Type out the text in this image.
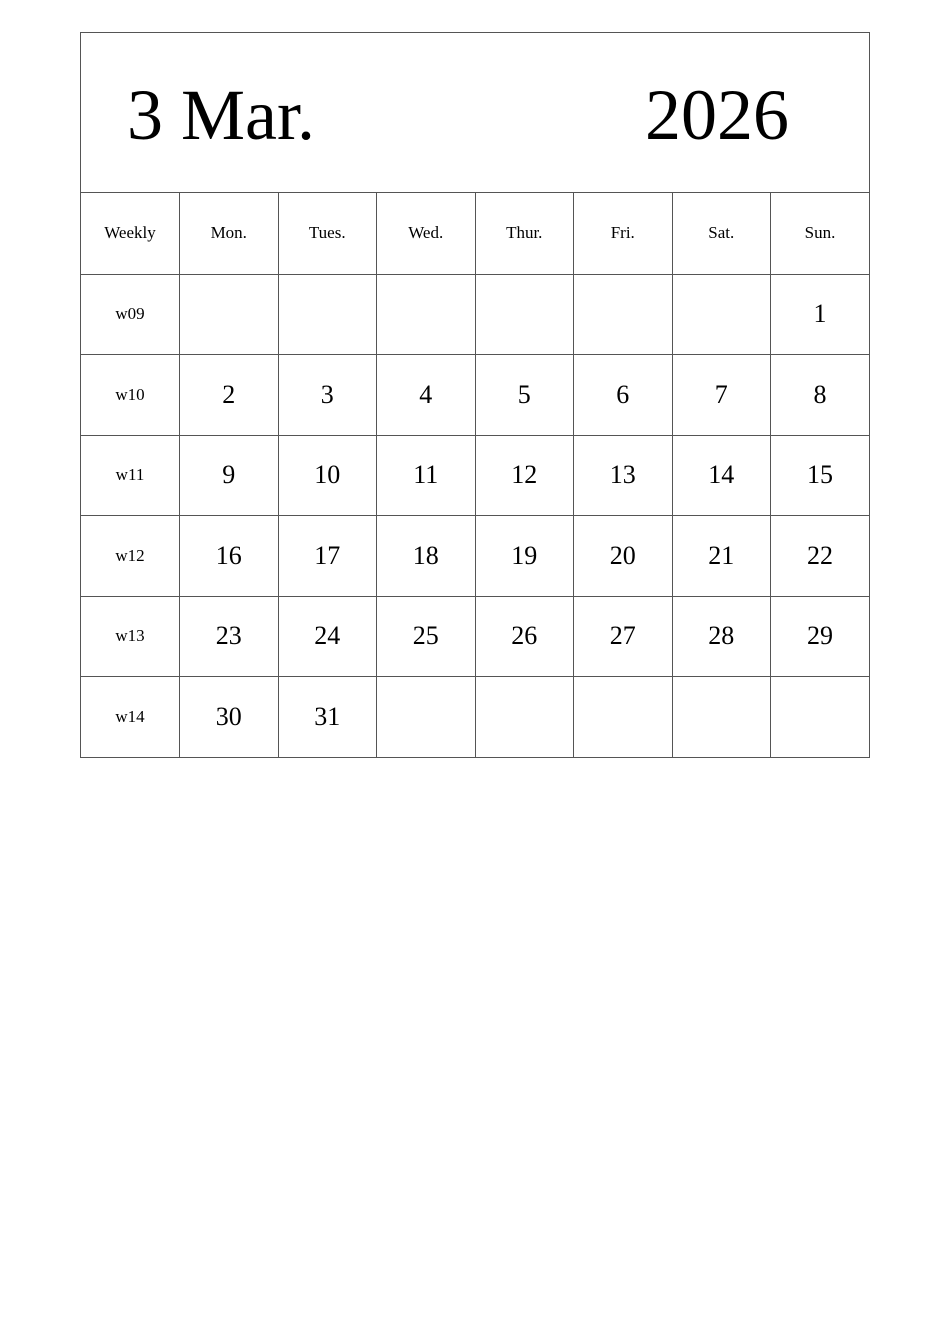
3 Mar.	2026
Weekly	Mon.	Tues.	Wed.	Thur.	Fri.	Sat.	Sun.
w09							1
w10	2	3	4	5	6	7	8
w11	9	10	11	12	13	14	15
w12	16	17	18	19	20	21	22
w13	23	24	25	26	27	28	29
w14	30	31					
